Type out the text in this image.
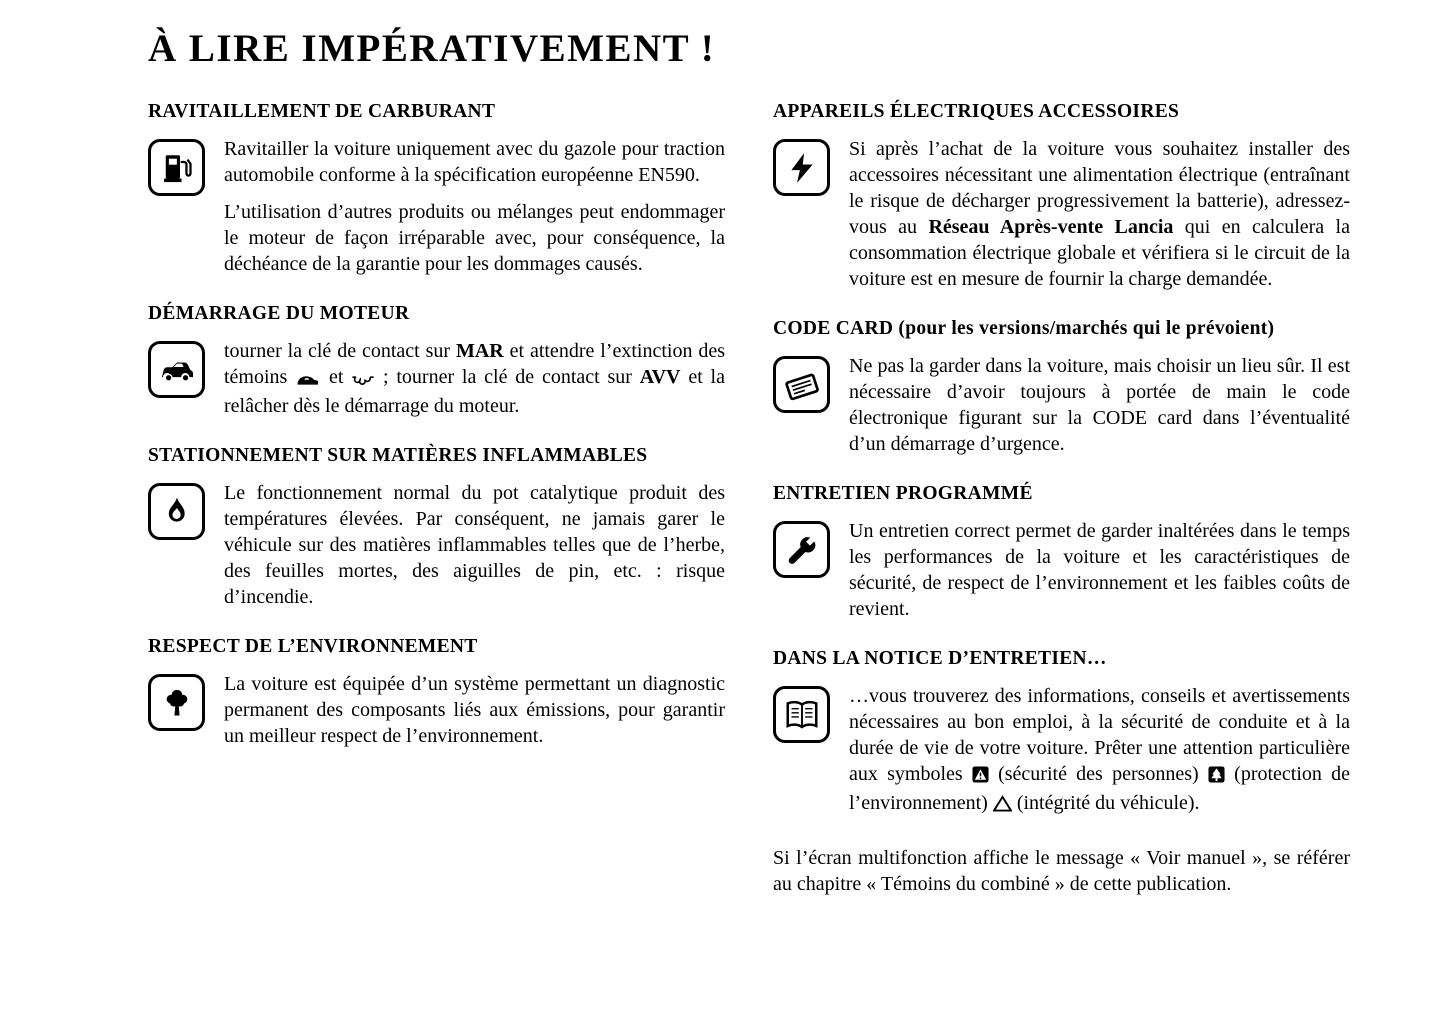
À LIRE IMPÉRATIVEMENT !
RAVITAILLEMENT DE CARBURANT

Ravitailler la voiture uniquement avec du gazole pour traction automobile conforme à la spécification européenne EN590.

L’utilisation d’autres produits ou mélanges peut endommager le moteur de façon irréparable avec, pour conséquence, la déchéance de la garantie pour les dommages causés.

DÉMARRAGE DU MOTEUR

tourner la clé de contact sur MAR et attendre l’extinction des témoins  et  ; tourner la clé de contact sur AVV et la relâcher dès le démarrage du moteur.

STATIONNEMENT SUR MATIÈRES INFLAMMABLES

Le fonctionnement normal du pot catalytique produit des températures élevées. Par conséquent, ne jamais garer le véhicule sur des matières inflammables telles que de l’herbe, des feuilles mortes, des aiguilles de pin, etc. : risque d’incendie.

RESPECT DE L’ENVIRONNEMENT

La voiture est équipée d’un système permettant un diagnostic permanent des composants liés aux émissions, pour garantir un meilleur respect de l’environnement.

APPAREILS ÉLECTRIQUES ACCESSOIRES

Si après l’achat de la voiture vous souhaitez installer des accessoires nécessitant une alimentation électrique (entraînant le risque de décharger progressivement la batterie), adressez-vous au Réseau Après-vente Lancia qui en calculera la consommation électrique globale et vérifiera si le circuit de la voiture est en mesure de fournir la charge demandée.

CODE CARD (pour les versions/marchés qui le prévoient)

Ne pas la garder dans la voiture, mais choisir un lieu sûr. Il est nécessaire d’avoir toujours à portée de main le code électronique figurant sur la CODE card dans l’éventualité d’un démarrage d’urgence.

ENTRETIEN PROGRAMMÉ

Un entretien correct permet de garder inaltérées dans le temps les performances de la voiture et les caractéristiques de sécurité, de respect de l’environnement et les faibles coûts de revient.

DANS LA NOTICE D’ENTRETIEN…

…vous trouverez des informations, conseils et avertissements nécessaires au bon emploi, à la sécurité de conduite et à la durée de vie de votre voiture. Prêter une attention particulière aux symboles  (sécurité des personnes)  (protection de l’environnement)  (intégrité du véhicule).

Si l’écran multifonction affiche le message « Voir manuel », se référer au chapitre « Témoins du combiné » de cette publication.
